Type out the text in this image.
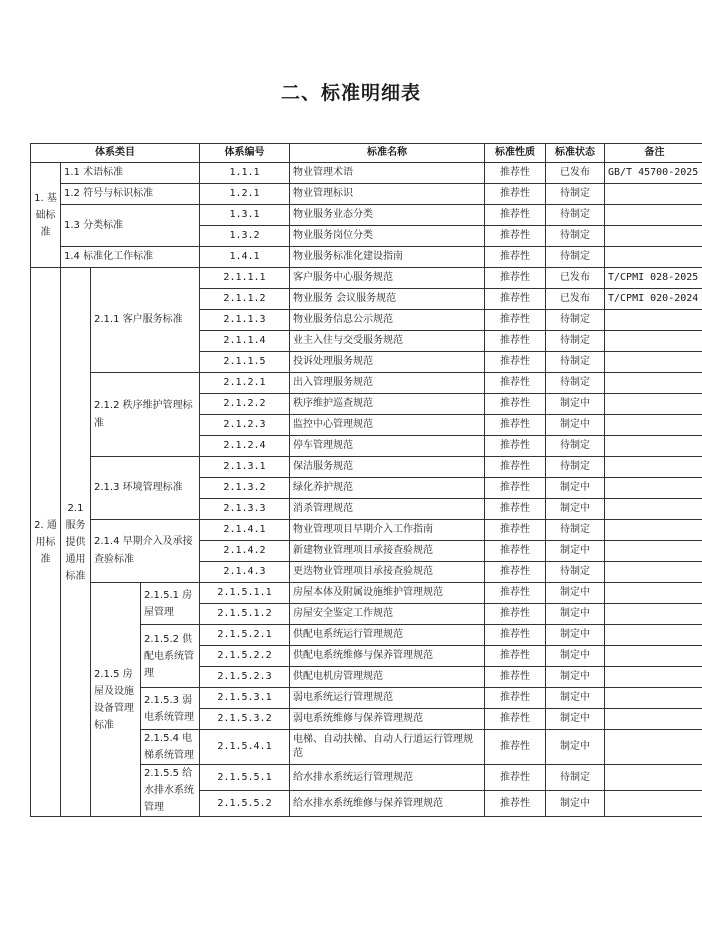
二、标准明细表
体系类目				体系编号	标准名称	标准性质	标准状态	备注
1. 基础标准	1.1 术语标准			1.1.1	物业管理术语	推荐性	已发布	GB/T 45700-2025
	1.2 符号与标识标准			1.2.1	物业管理标识	推荐性	待制定	
	1.3 分类标准			1.3.1	物业服务业态分类	推荐性	待制定	
				1.3.2	物业服务岗位分类	推荐性	待制定	
	1.4 标准化工作标准			1.4.1	物业服务标准化建设指南	推荐性	待制定	
2. 通用标准	2.1 服务提供通用标准	2.1.1 客户服务标准		2.1.1.1	客户服务中心服务规范	推荐性	已发布	T/CPMI 028-2025
				2.1.1.2	物业服务 会议服务规范	推荐性	已发布	T/CPMI 020-2024
				2.1.1.3	物业服务信息公示规范	推荐性	待制定	
				2.1.1.4	业主入住与交受服务规范	推荐性	待制定	
				2.1.1.5	投诉处理服务规范	推荐性	待制定	
		2.1.2 秩序维护管理标准		2.1.2.1	出入管理服务规范	推荐性	待制定	
				2.1.2.2	秩序维护巡查规范	推荐性	制定中	
				2.1.2.3	监控中心管理规范	推荐性	制定中	
				2.1.2.4	停车管理规范	推荐性	待制定	
		2.1.3 环境管理标准		2.1.3.1	保洁服务规范	推荐性	待制定	
				2.1.3.2	绿化养护规范	推荐性	制定中	
				2.1.3.3	消杀管理规范	推荐性	制定中	
		2.1.4 早期介入及承接查验标准		2.1.4.1	物业管理项目早期介入工作指南	推荐性	待制定	
				2.1.4.2	新建物业管理项目承接查验规范	推荐性	制定中	
				2.1.4.3	更迭物业管理项目承接查验规范	推荐性	待制定	
		2.1.5 房屋及设施设备管理标准	2.1.5.1 房屋管理	2.1.5.1.1	房屋本体及附属设施维护管理规范	推荐性	制定中	
				2.1.5.1.2	房屋安全鉴定工作规范	推荐性	制定中	
			2.1.5.2 供配电系统管理	2.1.5.2.1	供配电系统运行管理规范	推荐性	制定中	
				2.1.5.2.2	供配电系统维修与保养管理规范	推荐性	制定中	
				2.1.5.2.3	供配电机房管理规范	推荐性	制定中	
			2.1.5.3 弱电系统管理	2.1.5.3.1	弱电系统运行管理规范	推荐性	制定中	
				2.1.5.3.2	弱电系统维修与保养管理规范	推荐性	制定中	
			2.1.5.4 电梯系统管理	2.1.5.4.1	电梯、自动扶梯、自动人行道运行管理规范	推荐性	制定中	
			2.1.5.5 给水排水系统管理	2.1.5.5.1	给水排水系统运行管理规范	推荐性	待制定	
				2.1.5.5.2	给水排水系统维修与保养管理规范	推荐性	制定中	
